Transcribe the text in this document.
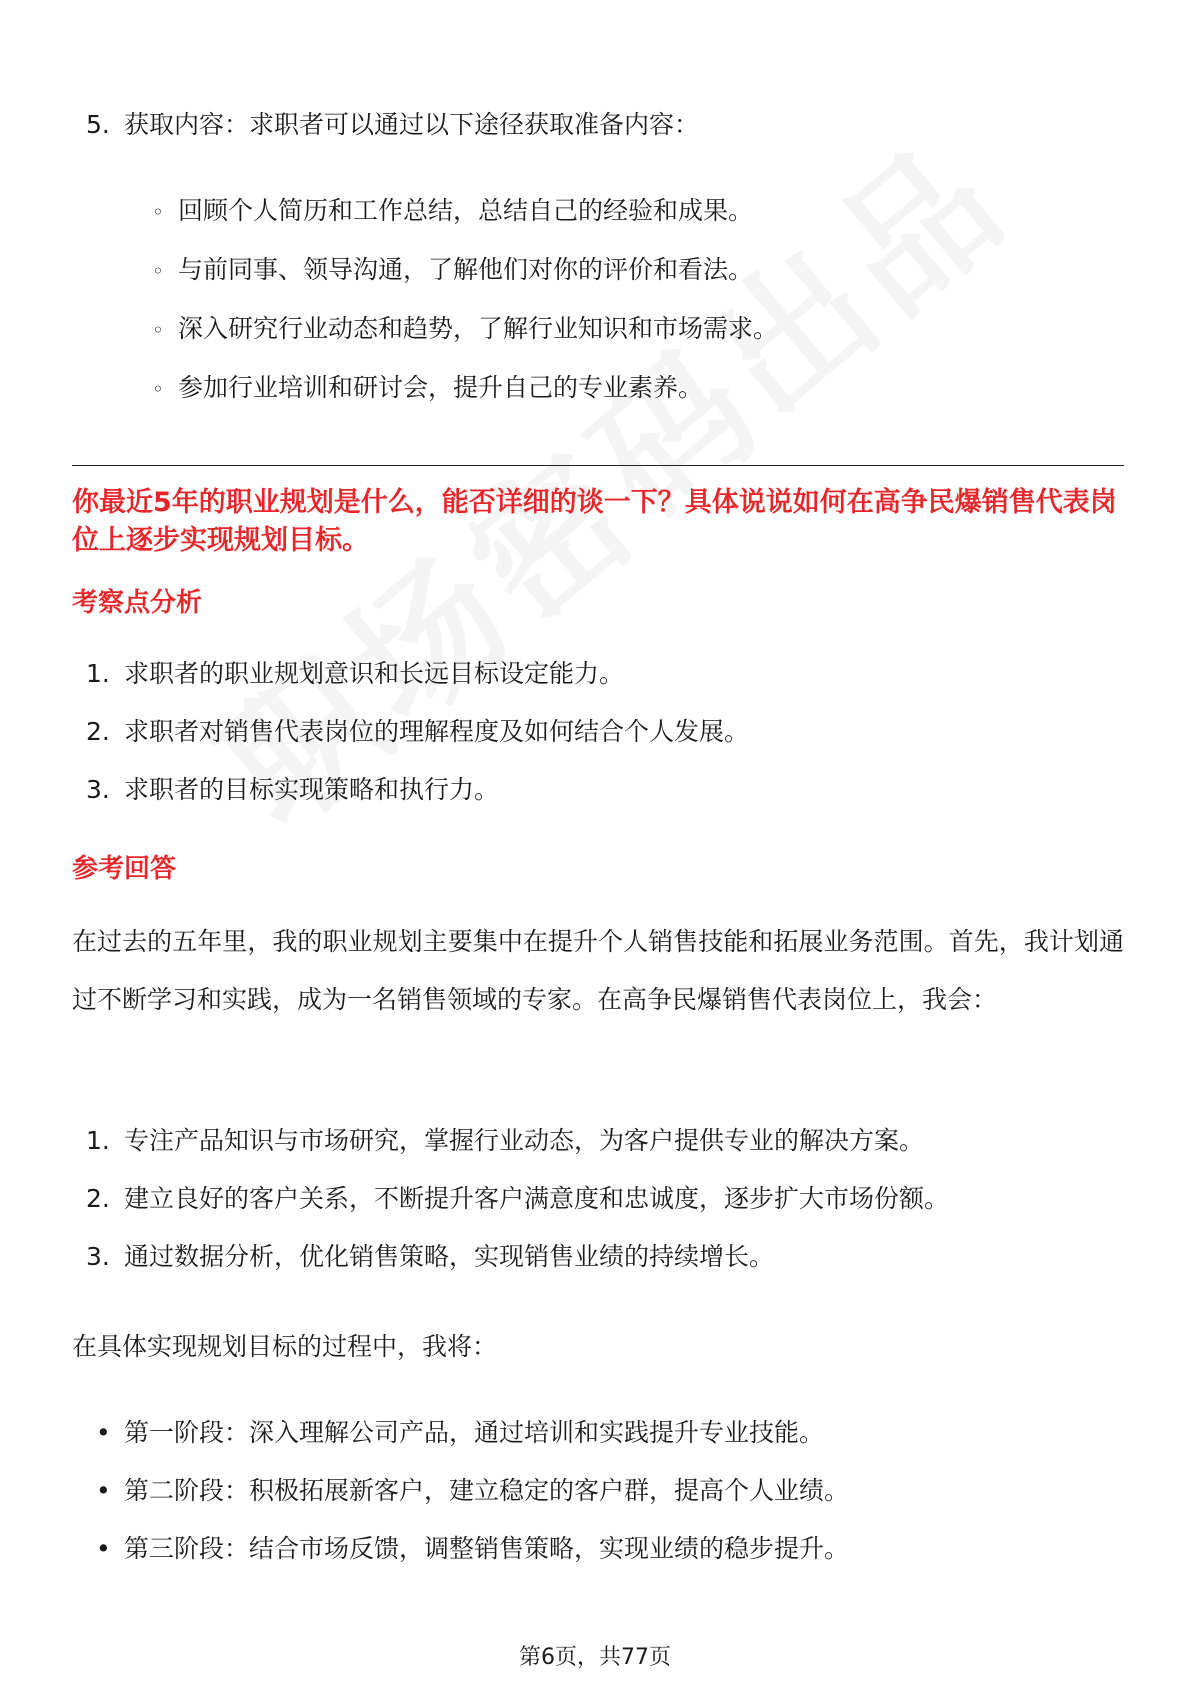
5. 获取内容：求职者可以通过以下途径获取准备内容：
◦ 回顾个人简历和工作总结，总结自己的经验和成果。
◦ 与前同事、领导沟通，了解他们对你的评价和看法。
◦ 深入研究行业动态和趋势，了解行业知识和市场需求。
◦ 参加行业培训和研讨会，提升自己的专业素养。
你最近5年的职业规划是什么，能否详细的谈一下？具体说说如何在高争民爆销售代表岗位上逐步实现规划目标。
考察点分析
1. 求职者的职业规划意识和长远目标设定能力。
2. 求职者对销售代表岗位的理解程度及如何结合个人发展。
3. 求职者的目标实现策略和执行力。
参考回答
在过去的五年里，我的职业规划主要集中在提升个人销售技能和拓展业务范围。首先，我计划通过不断学习和实践，成为一名销售领域的专家。在高争民爆销售代表岗位上，我会：
1. 专注产品知识与市场研究，掌握行业动态，为客户提供专业的解决方案。
2. 建立良好的客户关系，不断提升客户满意度和忠诚度，逐步扩大市场份额。
3. 通过数据分析，优化销售策略，实现销售业绩的持续增长。
在具体实现规划目标的过程中，我将：
• 第一阶段：深入理解公司产品，通过培训和实践提升专业技能。
• 第二阶段：积极拓展新客户，建立稳定的客户群，提高个人业绩。
• 第三阶段：结合市场反馈，调整销售策略，实现业绩的稳步提升。
第6页，共77页
